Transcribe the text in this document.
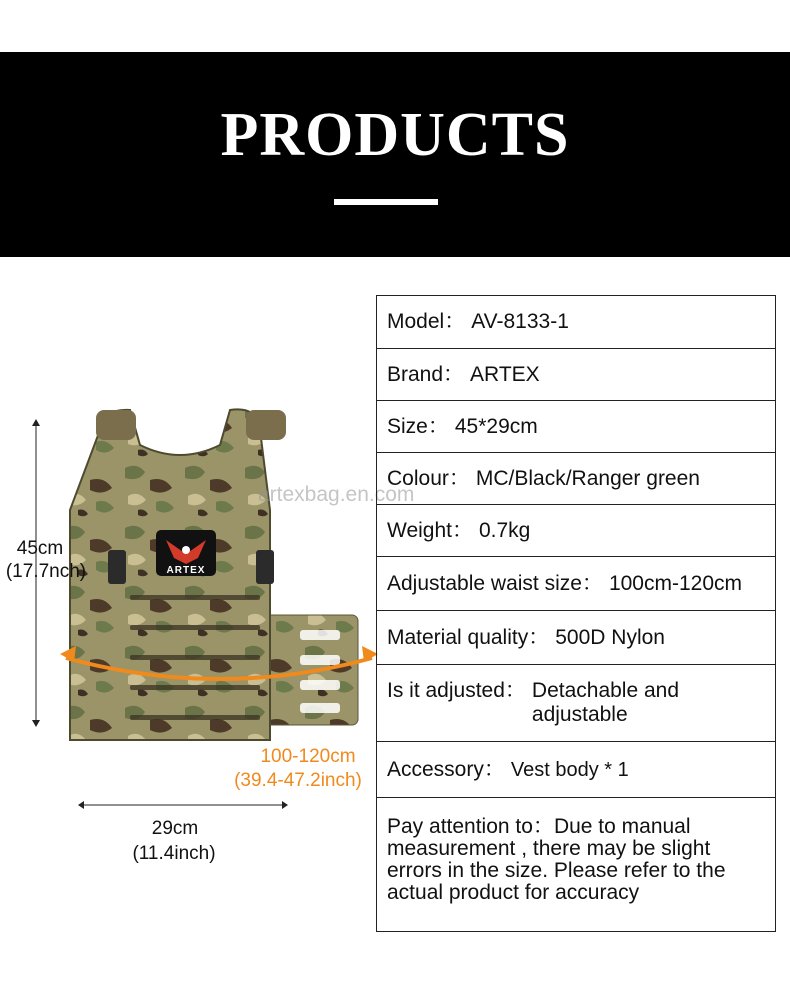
PRODUCTS
ARTEX
45cm
(17.7nch)
100-120cm
(39.4-47.2inch)
29cm
(11.4inch)
artexbag.en.com
Model： AV-8133-1
Brand： ARTEX
Size： 45*29cm
Colour： MC/Black/Ranger green
Weight： 0.7kg
Adjustable waist size： 100cm-120cm
Material quality： 500D Nylon
Is it adjusted： Detachable and adjustable
Accessory： Vest body * 1
Pay attention to：Due to manual measurement , there may be slight errors in the size. Please refer to the actual product for accuracy
